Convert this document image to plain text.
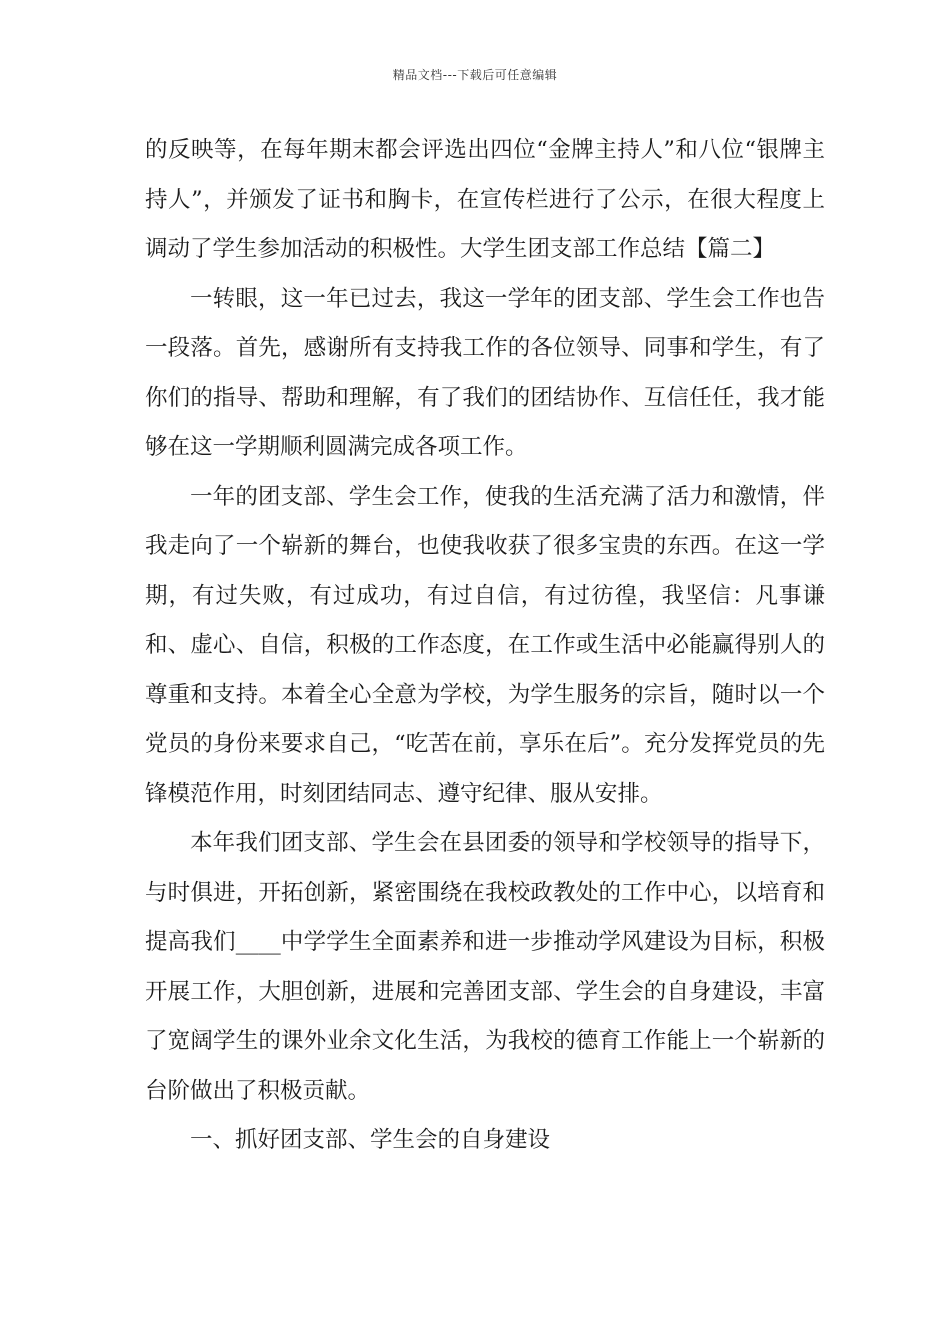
精品文档---下载后可任意编辑

的反映等，在每年期末都会评选出四位“金牌主持人”和八位“银牌主持人”，并颁发了证书和胸卡，在宣传栏进行了公示，在很大程度上调动了学生参加活动的积极性。大学生团支部工作总结【篇二】

一转眼，这一年已过去，我这一学年的团支部、学生会工作也告一段落。首先，感谢所有支持我工作的各位领导、同事和学生，有了你们的指导、帮助和理解，有了我们的团结协作、互信任任，我才能够在这一学期顺利圆满完成各项工作。

一年的团支部、学生会工作，使我的生活充满了活力和激情，伴我走向了一个崭新的舞台，也使我收获了很多宝贵的东西。在这一学期，有过失败，有过成功，有过自信，有过彷徨，我坚信：凡事谦和、虚心、自信，积极的工作态度，在工作或生活中必能赢得别人的尊重和支持。本着全心全意为学校，为学生服务的宗旨，随时以一个党员的身份来要求自己，“吃苦在前，享乐在后”。充分发挥党员的先锋模范作用，时刻团结同志、遵守纪律、服从安排。

本年我们团支部、学生会在县团委的领导和学校领导的指导下，与时俱进，开拓创新，紧密围绕在我校政教处的工作中心，以培育和提高我们____中学学生全面素养和进一步推动学风建设为目标，积极开展工作，大胆创新，进展和完善团支部、学生会的自身建设，丰富了宽阔学生的课外业余文化生活，为我校的德育工作能上一个崭新的台阶做出了积极贡献。

一、抓好团支部、学生会的自身建设
